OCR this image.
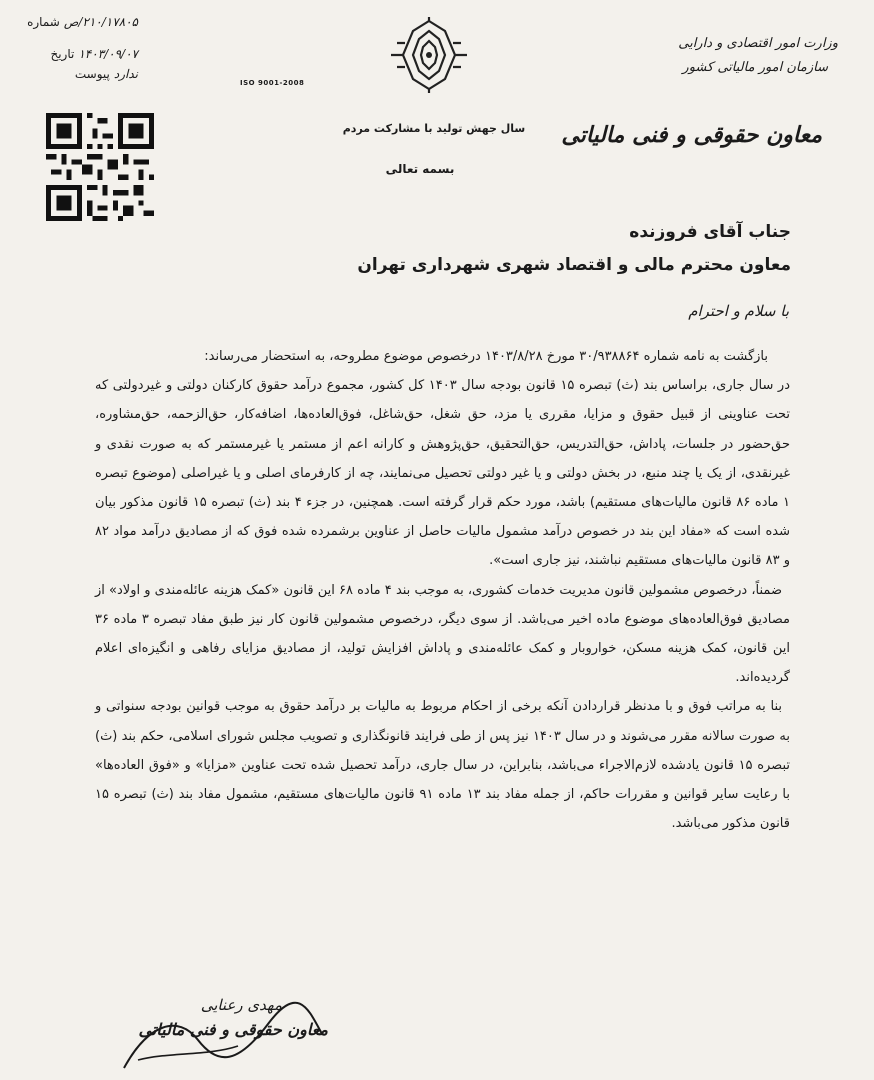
۲۱۰/۱۷۸۰۵/ص
شماره
۱۴۰۳/۰۹/۰۷
تاریخ
ندارد
پیوست
ISO 9001-2008
وزارت امور اقتصادی و دارایی
سازمان امور مالیاتی کشور
معاون حقوقی و فنی مالیاتی
سال جهش تولید با مشارکت مردم
بسمه تعالی
جناب آقای فروزنده
معاون محترم مالی و اقتصاد شهری شهرداری تهران
با سلام و احترام

بازگشت به نامه شماره ۳۰/۹۳۸۸۶۴ مورخ ۱۴۰۳/۸/۲۸ درخصوص موضوع مطروحه، به استحضار می‌رساند:

در سال جاری، براساس بند (ث) تبصره ۱۵ قانون بودجه سال ۱۴۰۳ کل کشور، مجموع درآمد حقوق کارکنان دولتی و غیردولتی که تحت عناوینی از قبیل حقوق و مزایا، مقرری یا مزد، حق شغل، حق‌شاغل، فوق‌العاده‌ها، اضافه‌کار، حق‌الزحمه، حق‌مشاوره، حق‌حضور در جلسات، پاداش، حق‌التدریس، حق‌التحقیق، حق‌پژوهش و کارانه اعم از مستمر یا غیرمستمر که به صورت نقدی و غیرنقدی، از یک یا چند منبع، در بخش دولتی و یا غیر دولتی تحصیل می‌نمایند، چه از کارفرمای اصلی و یا غیراصلی (موضوع تبصره ۱ ماده ۸۶ قانون مالیات‌های مستقیم) باشد، مورد حکم قرار گرفته است. همچنین، در جزء ۴ بند (ث) تبصره ۱۵ قانون مذکور بیان شده است که «مفاد این بند در خصوص درآمد مشمول مالیات حاصل از عناوین برشمرده شده فوق که از مصادیق درآمد مواد ۸۲ و ۸۳ قانون مالیات‌های مستقیم نباشند، نیز جاری است».

ضمناً، درخصوص مشمولین قانون مدیریت خدمات کشوری، به موجب بند ۴ ماده ۶۸ این قانون «کمک هزینه عائله‌مندی و اولاد» از مصادیق فوق‌العاده‌های موضوع ماده اخیر می‌باشد. از سوی دیگر، درخصوص مشمولین قانون کار نیز طبق مفاد تبصره ۳ ماده ۳۶ این قانون، کمک هزینه مسکن، خواروبار و کمک عائله‌مندی و پاداش افزایش تولید، از مصادیق مزایای رفاهی و انگیزه‌ای اعلام گردیده‌اند.

بنا به مراتب فوق و با مدنظر قراردادن آنکه برخی از احکام مربوط به مالیات بر درآمد حقوق به موجب قوانین بودجه سنواتی و به صورت سالانه مقرر می‌شوند و در سال ۱۴۰۳ نیز پس از طی فرایند قانونگذاری و تصویب مجلس شورای اسلامی، حکم بند (ث) تبصره ۱۵ قانون یادشده لازم‌الاجراء می‌باشد، بنابراین، در سال جاری، درآمد تحصیل شده تحت عناوین «مزایا» و «فوق العاده‌ها» با رعایت سایر قوانین و مقررات حاکم، از جمله مفاد بند ۱۳ ماده ۹۱ قانون مالیات‌های مستقیم، مشمول مفاد بند (ث) تبصره ۱۵ قانون مذکور می‌باشد.

مهدی رعنایی
معاون حقوقی و فنی مالیاتی
